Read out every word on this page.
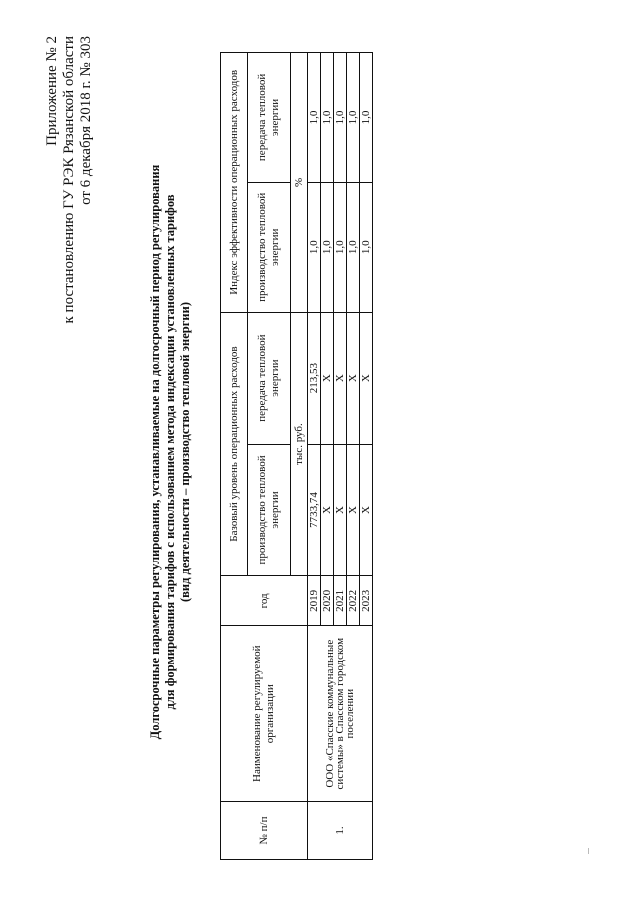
Приложение № 2 к постановлению ГУ РЭК Рязанской области от 6 декабря 2018 г. № 303
Долгосрочные параметры регулирования, устанавливаемые на долгосрочный период регулирования для формирования тарифов с использованием метода индексации установленных тарифов (вид деятельности – производство тепловой энергии)
№ п/п	Наименование регулируемой организации	год	Базовый уровень операционных расходов		Индекс эффективности операционных расходов	
			производство тепловой энергии	передача тепловой энергии	производство тепловой энергии	передача тепловой энергии
			тыс. руб.		%	
1.	ООО «Спасские коммунальные системы» в Спасском городском поселении	2019	7733,74	213,53	1,0	1,0
		2020	X	X	1,0	1,0
		2021	X	X	1,0	1,0
		2022	X	X	1,0	1,0
		2023	X	X	1,0	1,0
